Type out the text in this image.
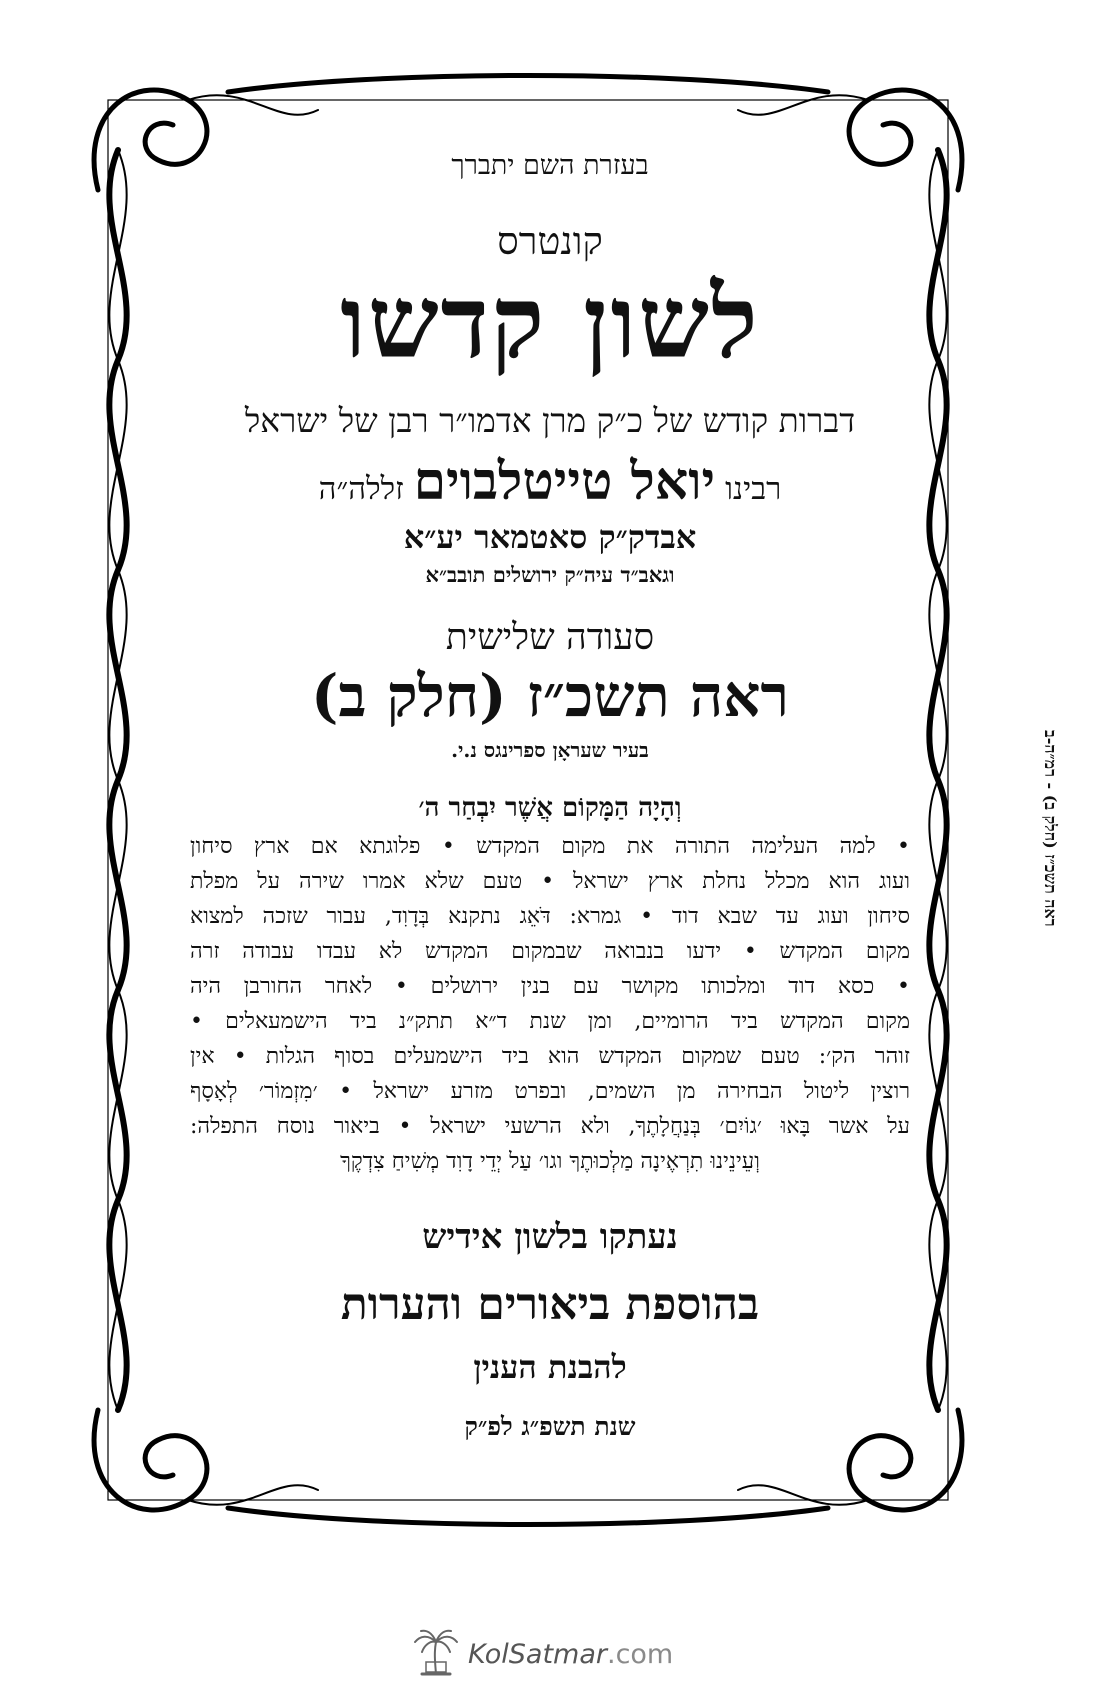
בעזרת השם יתברך
קונטרס
לשון קדשו
דברות קודש של כ״ק מרן אדמו״ר רבן של ישראל
רבינו יואל טייטלבוים זללה״ה
אבדק״ק סאטמאר יע״א
וגאב״ד עיה״ק ירושלים תובב״א
סעודה שלישית
ראה תשכ״ז (חלק ב)
בעיר שעראָן ספרינגס נ.י.
וְהָיָה הַמָּקוֹם אֲשֶׁר יִבְחַר ה׳
• למה העלימה התורה את מקום המקדש • פלוגתא אם ארץ סיחון
ועוג הוא מכלל נחלת ארץ ישראל • טעם שלא אמרו שירה על מפלת
סיחון ועוג עד שבא דוד • גמרא: דֹּאֵג נתקנא בְּדָוִד, עבור שזכה למצוא
מקום המקדש • ידעו בנבואה שבמקום המקדש לא עבדו עבודה זרה
• כסא דוד ומלכותו מקושר עם בנין ירושלים • לאחר החורבן היה
מקום המקדש ביד הרומיים, ומן שנת ד״א תתק״נ ביד הישמעאלים •
זוהר הק׳: טעם שמקום המקדש הוא ביד הישמעלים בסוף הגלות • אין
רוצין ליטול הבחירה מן השמים, ובפרט מזרע ישראל • ׳מִזְמוֹר׳ לְאָסָף
על אשר בָּאוּ ׳גוֹיִם׳ בְּנַחֲלָתֶךָ, ולא הרשעי ישראל • ביאור נוסח התפלה:
וְעֵינֵינוּ תִרְאֶינָה מַלְכוּתֶךָ וגו׳ עַל יְדֵי דָוִד מְשִׁיחַ צִדְקֶךָ
נעתקו בלשון אידיש
בהוספת ביאורים והערות
להבנת הענין
שנת תשפ״ג לפ״ק
ראה תשכ״ז (חלק ב) - רמ״ה-ב
KolSatmar.com
